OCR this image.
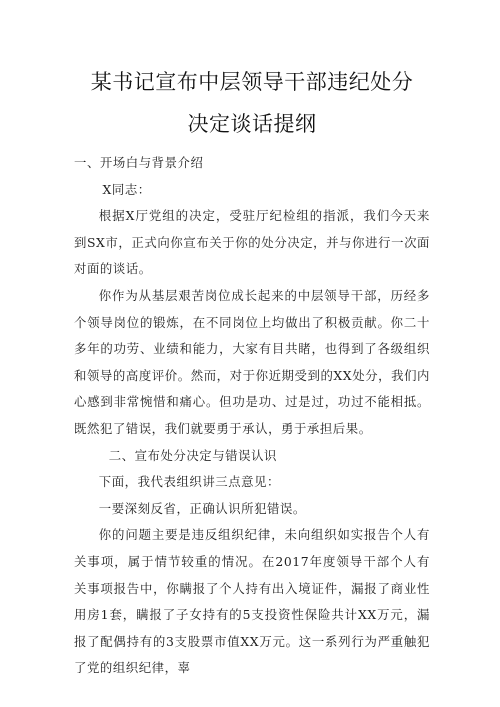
某书记宣布中层领导干部违纪处分
决定谈话提纲

一、开场白与背景介绍

X同志：

根据X厅党组的决定，受驻厅纪检组的指派，我们今天来到SX市，正式向你宣布关于你的处分决定，并与你进行一次面对面的谈话。

你作为从基层艰苦岗位成长起来的中层领导干部，历经多个领导岗位的锻炼，在不同岗位上均做出了积极贡献。你二十多年的功劳、业绩和能力，大家有目共睹，也得到了各级组织和领导的高度评价。然而，对于你近期受到的XX处分，我们内心感到非常惋惜和痛心。但功是功、过是过，功过不能相抵。既然犯了错误，我们就要勇于承认，勇于承担后果。

二、宣布处分决定与错误认识

下面，我代表组织讲三点意见：

一要深刻反省，正确认识所犯错误。

你的问题主要是违反组织纪律，未向组织如实报告个人有关事项，属于情节较重的情况。在2017年度领导干部个人有关事项报告中，你瞒报了个人持有出入境证件，漏报了商业性用房1套，瞒报了子女持有的5支投资性保险共计XX万元，漏报了配偶持有的3支股票市值XX万元。这一系列行为严重触犯了党的组织纪律，辜
